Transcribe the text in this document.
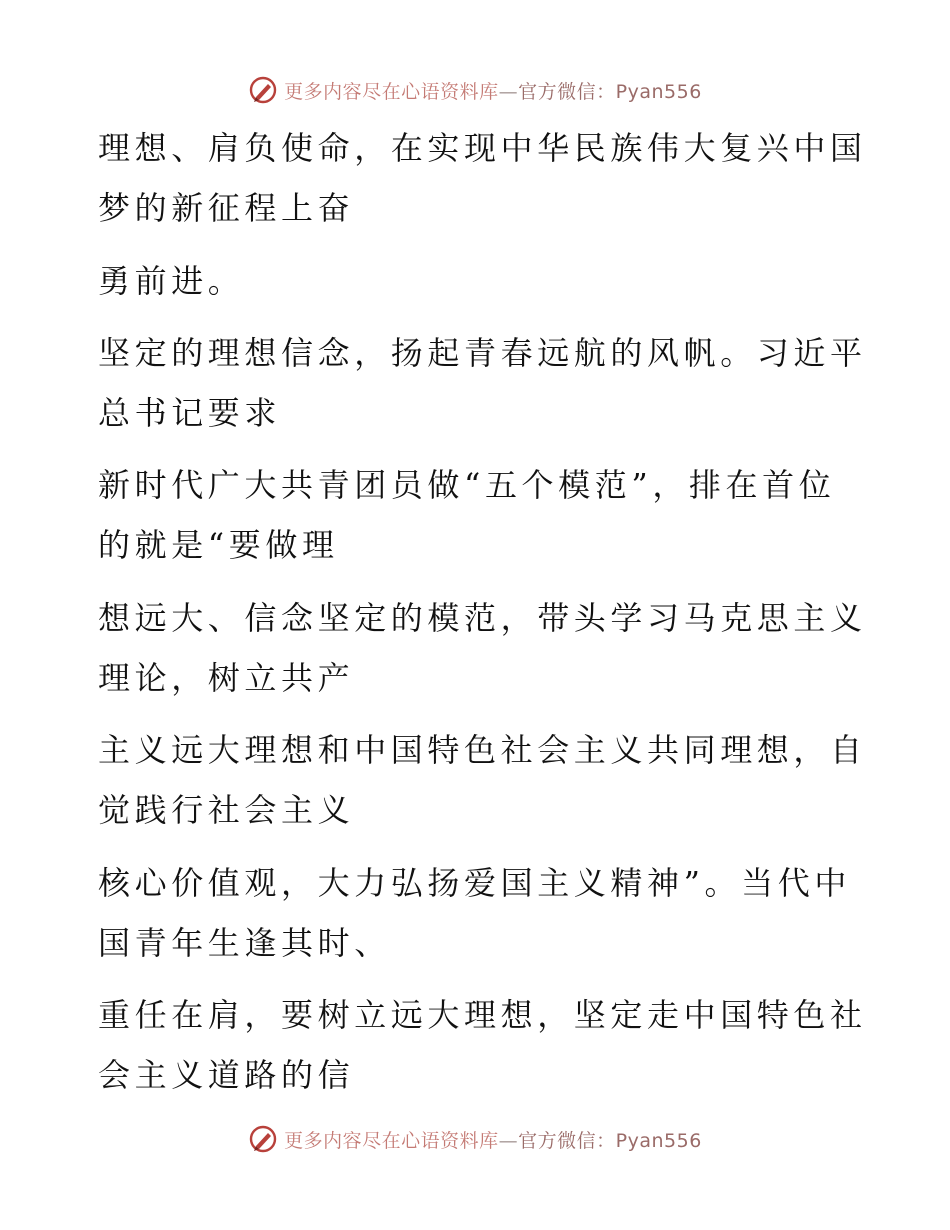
更多内容尽在心语资料库—官方微信：Pyan556
理想、肩负使命，在实现中华民族伟大复兴中国
梦的新征程上奋
勇前进。
坚定的理想信念，扬起青春远航的风帆。习近平
总书记要求
新时代广大共青团员做“五个模范”，排在首位
的就是“要做理
想远大、信念坚定的模范，带头学习马克思主义
理论，树立共产
主义远大理想和中国特色社会主义共同理想，自
觉践行社会主义
核心价值观，大力弘扬爱国主义精神”。当代中
国青年生逢其时、
重任在肩，要树立远大理想，坚定走中国特色社
会主义道路的信
更多内容尽在心语资料库—官方微信：Pyan556
